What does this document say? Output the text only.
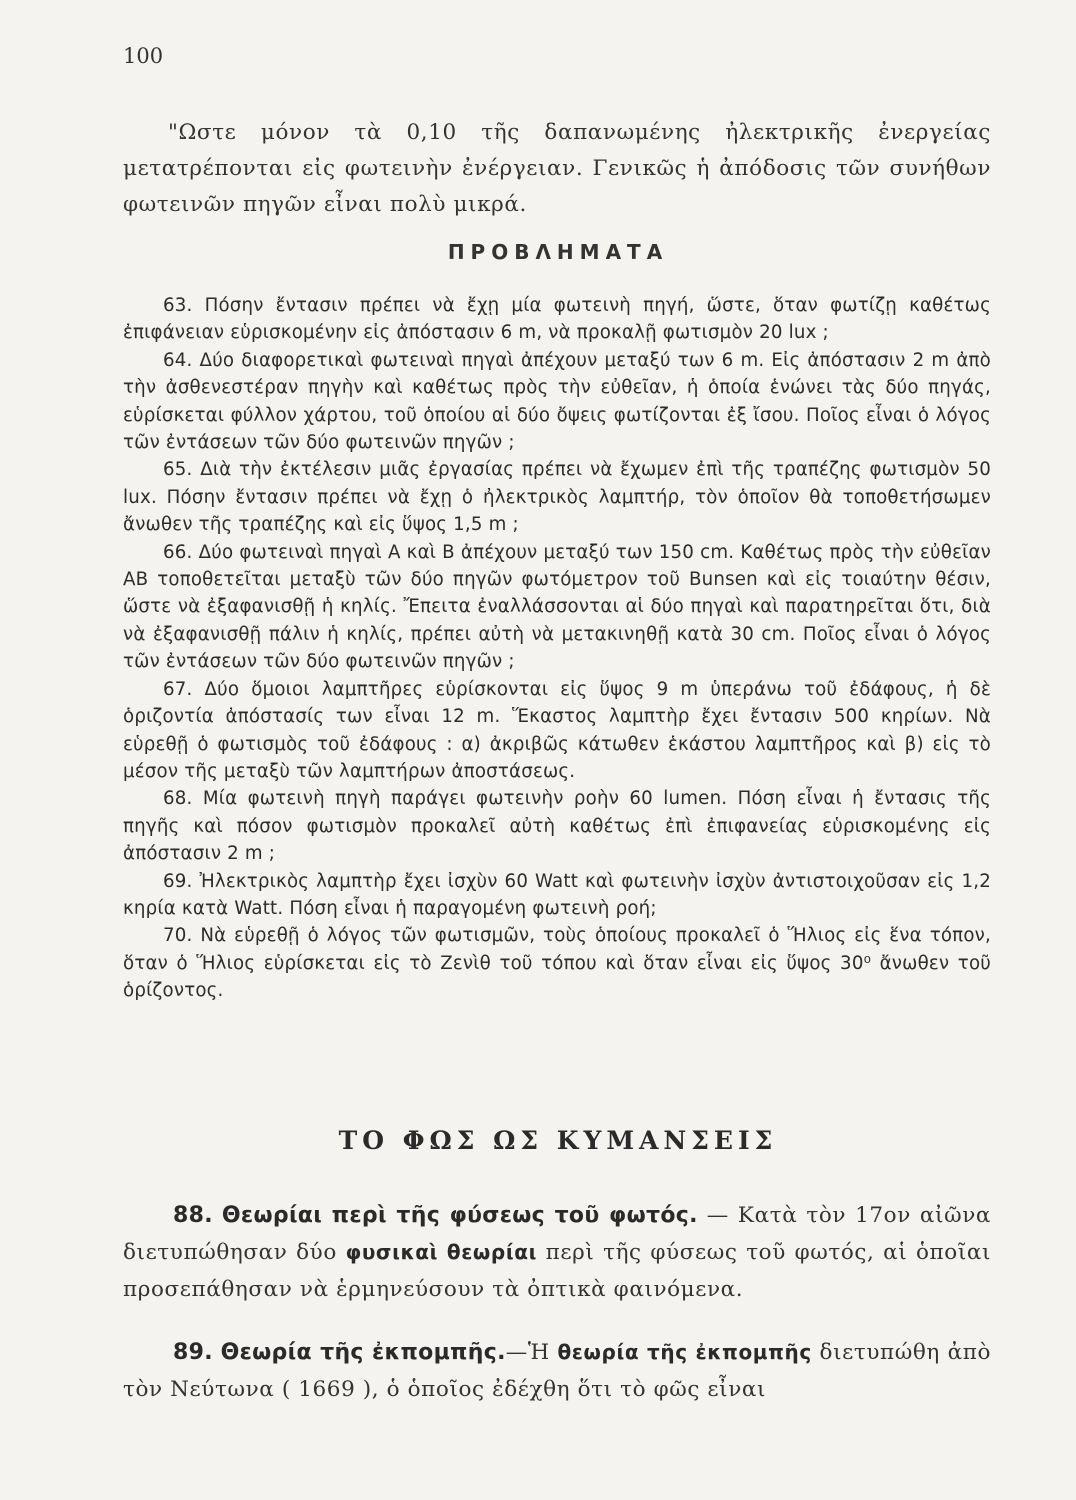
100

"Ωστε μόνον τὰ 0,10 τῆς δαπανωμένης ἠλεκτρικῆς ἐνεργείας μετατρέπονται εἰς φωτεινὴν ἐνέργειαν. Γενικῶς ἡ ἀπόδοσις τῶν συνήθων φωτεινῶν πηγῶν εἶναι πολὺ μικρά.

ΠΡΟΒΛΗΜΑΤΑ

63. Πόσην ἔντασιν πρέπει νὰ ἔχῃ μία φωτεινὴ πηγή, ὥστε, ὅταν φωτίζῃ καθέτως ἐπιφάνειαν εὑρισκομένην εἰς ἀπόστασιν 6 m, νὰ προκαλῇ φωτισμὸν 20 lux ;

64. Δύο διαφορετικαὶ φωτειναὶ πηγαὶ ἀπέχουν μεταξύ των 6 m. Εἰς ἀπόστασιν 2 m ἀπὸ τὴν ἀσθενεστέραν πηγὴν καὶ καθέτως πρὸς τὴν εὐθεῖαν, ἡ ὁποία ἑνώνει τὰς δύο πηγάς, εὑρίσκεται φύλλον χάρτου, τοῦ ὁποίου αἱ δύο ὄψεις φωτίζονται ἐξ ἴσου. Ποῖος εἶναι ὁ λόγος τῶν ἐντάσεων τῶν δύο φωτεινῶν πηγῶν ;

65. Διὰ τὴν ἐκτέλεσιν μιᾶς ἐργασίας πρέπει νὰ ἔχωμεν ἐπὶ τῆς τραπέζης φωτισμὸν 50 lux. Πόσην ἔντασιν πρέπει νὰ ἔχῃ ὁ ἠλεκτρικὸς λαμπτήρ, τὸν ὁποῖον θὰ τοποθετήσωμεν ἄνωθεν τῆς τραπέζης καὶ εἰς ὕψος 1,5 m ;

66. Δύο φωτειναὶ πηγαὶ Α καὶ Β ἀπέχουν μεταξύ των 150 cm. Καθέτως πρὸς τὴν εὐθεῖαν ΑΒ τοποθετεῖται μεταξὺ τῶν δύο πηγῶν φωτόμετρον τοῦ Bunsen καὶ εἰς τοιαύτην θέσιν, ὥστε νὰ ἐξαφανισθῇ ἡ κηλίς. Ἔπειτα ἐναλλάσσονται αἱ δύο πηγαὶ καὶ παρατηρεῖται ὅτι, διὰ νὰ ἐξαφανισθῇ πάλιν ἡ κηλίς, πρέπει αὐτὴ νὰ μετακινηθῇ κατὰ 30 cm. Ποῖος εἶναι ὁ λόγος τῶν ἐντάσεων τῶν δύο φωτεινῶν πηγῶν ;

67. Δύο ὅμοιοι λαμπτῆρες εὑρίσκονται εἰς ὕψος 9 m ὑπεράνω τοῦ ἐδάφους, ἡ δὲ ὁριζοντία ἀπόστασίς των εἶναι 12 m. Ἕκαστος λαμπτὴρ ἔχει ἔντασιν 500 κηρίων. Νὰ εὑρεθῇ ὁ φωτισμὸς τοῦ ἐδάφους : α) ἀκριβῶς κάτωθεν ἑκάστου λαμπτῆρος καὶ β) εἰς τὸ μέσον τῆς μεταξὺ τῶν λαμπτήρων ἀποστάσεως.

68. Μία φωτεινὴ πηγὴ παράγει φωτεινὴν ροὴν 60 lumen. Πόση εἶναι ἡ ἔντασις τῆς πηγῆς καὶ πόσον φωτισμὸν προκαλεῖ αὐτὴ καθέτως ἐπὶ ἐπιφανείας εὑρισκομένης εἰς ἀπόστασιν 2 m ;

69. Ἠλεκτρικὸς λαμπτὴρ ἔχει ἰσχὺν 60 Watt καὶ φωτεινὴν ἰσχὺν ἀντιστοιχοῦσαν εἰς 1,2 κηρία κατὰ Watt. Πόση εἶναι ἡ παραγομένη φωτεινὴ ροή;

70. Νὰ εὑρεθῇ ὁ λόγος τῶν φωτισμῶν, τοὺς ὁποίους προκαλεῖ ὁ Ἥλιος εἰς ἕνα τόπον, ὅταν ὁ Ἥλιος εὑρίσκεται εἰς τὸ Ζενὶθ τοῦ τόπου καὶ ὅταν εἶναι εἰς ὕψος 30⁰ ἄνωθεν τοῦ ὁρίζοντος.

ΤΟ ΦΩΣ ΩΣ ΚΥΜΑΝΣΕΙΣ

88. Θεωρίαι περὶ τῆς φύσεως τοῦ φωτός. — Κατὰ τὸν 17ον αἰῶνα διετυπώθησαν δύο φυσικαὶ θεωρίαι περὶ τῆς φύσεως τοῦ φωτός, αἱ ὁποῖαι προσεπάθησαν νὰ ἑρμηνεύσουν τὰ ὀπτικὰ φαινόμενα.

89. Θεωρία τῆς ἐκπομπῆς.—Ἡ θεωρία τῆς ἐκπομπῆς διετυπώθη ἀπὸ τὸν Νεύτωνα ( 1669 ), ὁ ὁποῖος ἐδέχθη ὅτι τὸ φῶς εἶναι
